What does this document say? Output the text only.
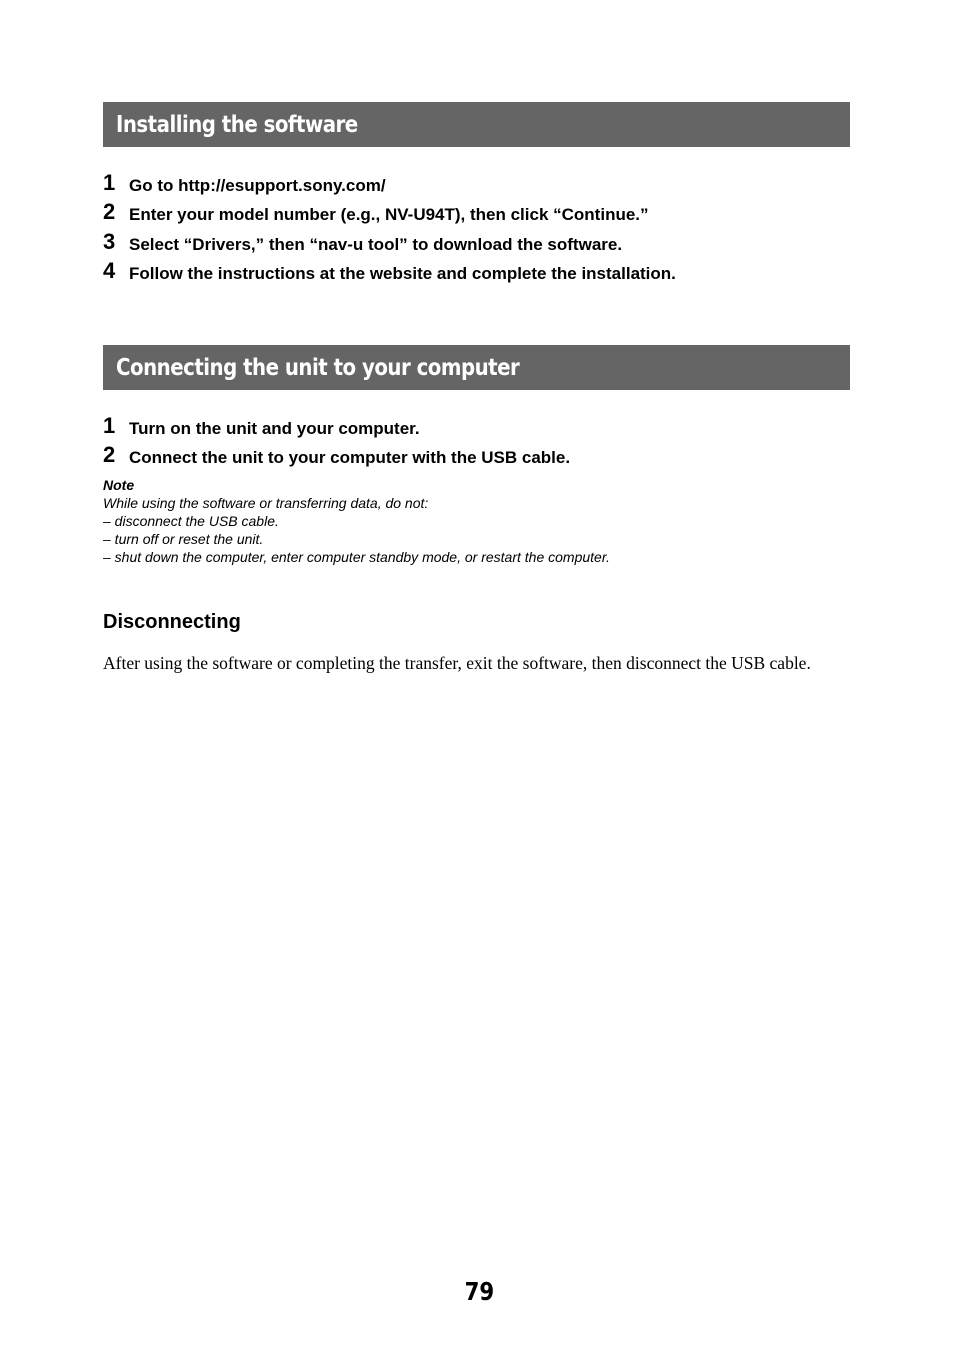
Installing the software
1 Go to http://esupport.sony.com/
2 Enter your model number (e.g., NV-U94T), then click “Continue.”
3 Select “Drivers,” then “nav-u tool” to download the software.
4 Follow the instructions at the website and complete the installation.
Connecting the unit to your computer
1 Turn on the unit and your computer.
2 Connect the unit to your computer with the USB cable.
Note
While using the software or transferring data, do not:
– disconnect the USB cable.
– turn off or reset the unit.
– shut down the computer, enter computer standby mode, or restart the computer.
Disconnecting

After using the software or completing the transfer, exit the software, then disconnect the USB cable.

79
